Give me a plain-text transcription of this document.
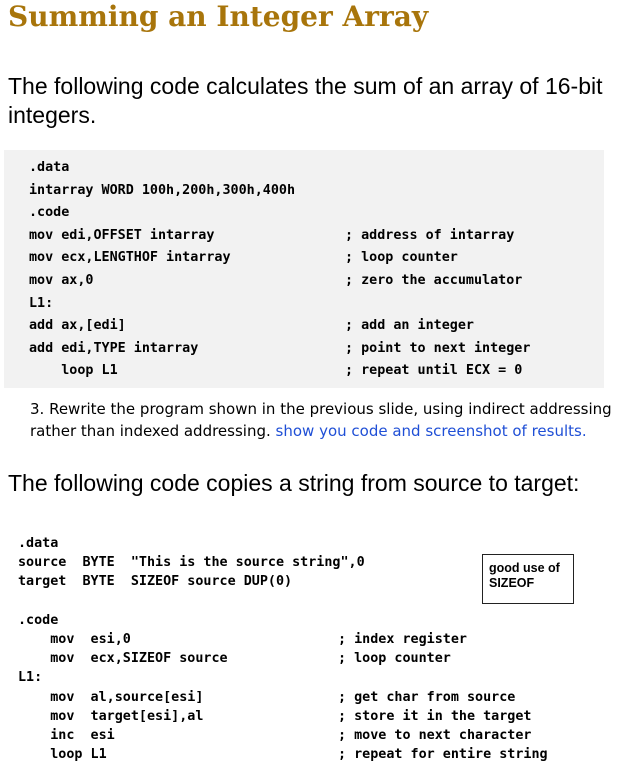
Summing an Integer Array
The following code calculates the sum of an array of 16-bit integers.
.data
intarray WORD 100h,200h,300h,400h
.code
mov edi,OFFSET intarray	; address of intarray
mov ecx,LENGTHOF intarray	; loop counter
mov ax,0	; zero the accumulator
L1:
add ax,[edi]	; add an integer
add edi,TYPE intarray	; point to next integer
loop L1	; repeat until ECX = 0
3. Rewrite the program shown in the previous slide, using indirect addressing rather than indexed addressing. show you code and screenshot of results.
The following code copies a string from source to target:
.data
source  BYTE  "This is the source string",0
target  BYTE  SIZEOF source DUP(0)
.code
mov  esi,0	; index register
mov  ecx,SIZEOF source	; loop counter
L1:
mov  al,source[esi]	; get char from source
mov  target[esi],al	; store it in the target
inc  esi	; move to next character
loop L1	; repeat for entire string
good use of SIZEOF
